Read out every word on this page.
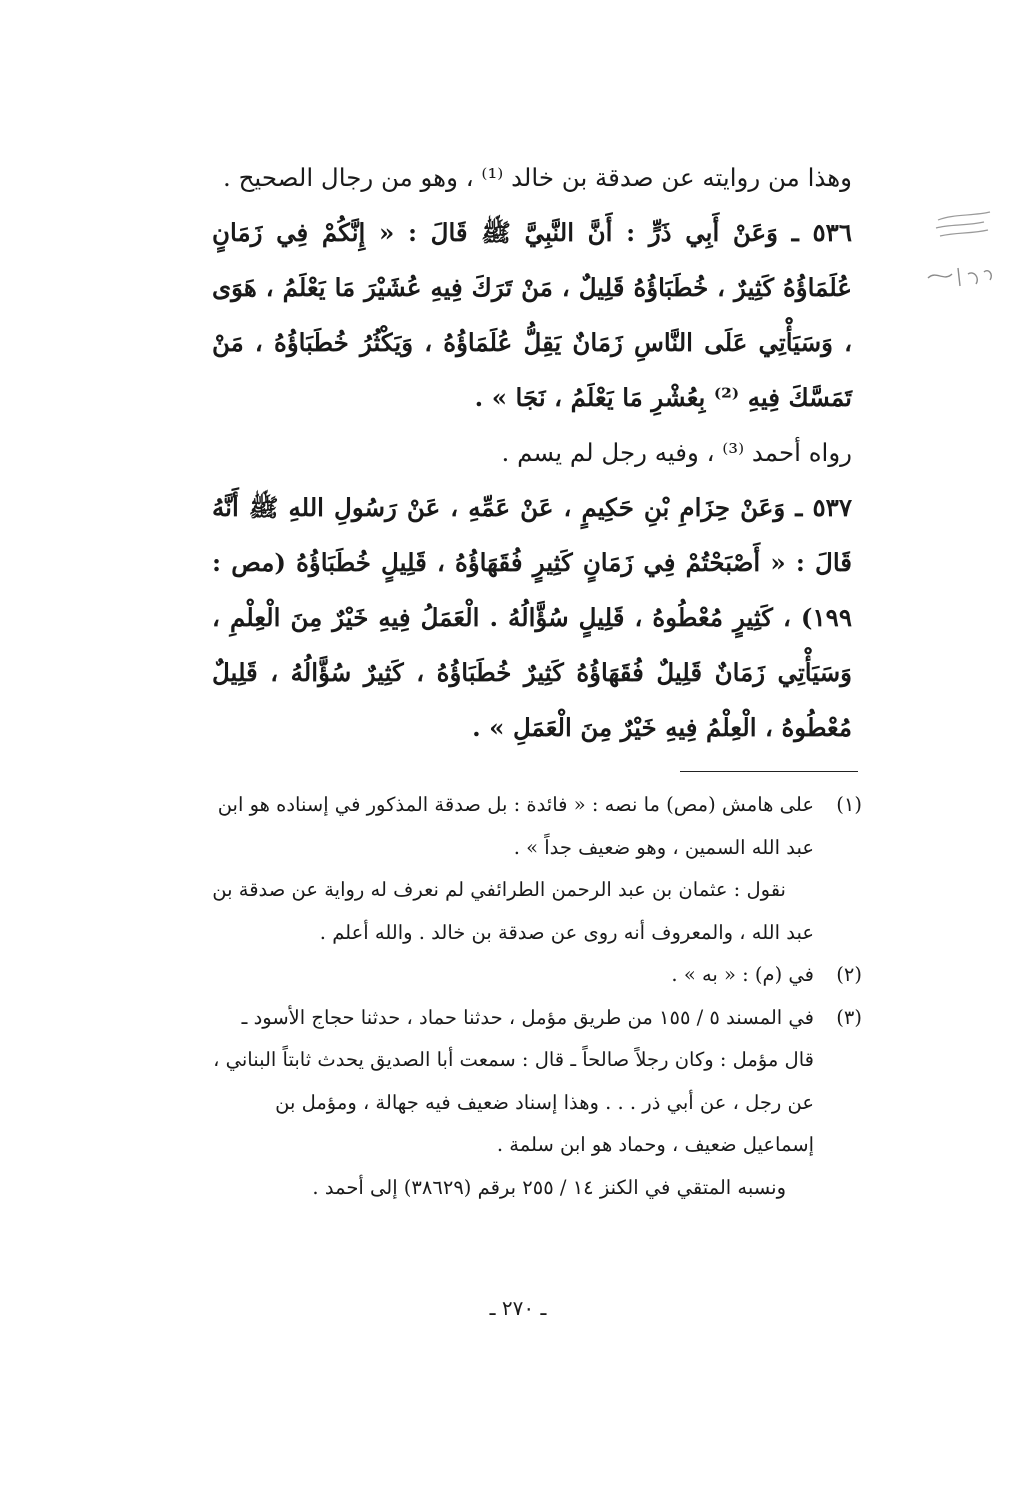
وهذا من روايته عن صدقة بن خالد ⁽¹⁾ ، وهو من رجال الصحيح .

٥٣٦ ـ وَعَنْ أَبِي ذَرٍّ : أَنَّ النَّبِيَّ ﷺ قَالَ : « إِنَّكُمْ فِي زَمَانٍ عُلَمَاؤُهُ كَثِيرٌ ، خُطَبَاؤُهُ قَلِيلٌ ، مَنْ تَرَكَ فِيهِ عُشَيْرَ مَا يَعْلَمُ ، هَوَى ، وَسَيَأْتِي عَلَى النَّاسِ زَمَانٌ يَقِلُّ عُلَمَاؤُهُ ، وَيَكْثُرُ خُطَبَاؤُهُ ، مَنْ تَمَسَّكَ فِيهِ ⁽²⁾ بِعُشْرِ مَا يَعْلَمُ ، نَجَا » .

رواه أحمد ⁽³⁾ ، وفيه رجل لم يسم .

٥٣٧ ـ وَعَنْ حِزَامِ بْنِ حَكِيمٍ ، عَنْ عَمِّهِ ، عَنْ رَسُولِ اللهِ ﷺ أَنَّهُ قَالَ : « أَصْبَحْتُمْ فِي زَمَانٍ كَثِيرٍ فُقَهَاؤُهُ ، قَلِيلٍ خُطَبَاؤُهُ (مص : ١٩٩) ، كَثِيرٍ مُعْطُوهُ ، قَلِيلٍ سُؤَّالُهُ . الْعَمَلُ فِيهِ خَيْرٌ مِنَ الْعِلْمِ ، وَسَيَأْتِي زَمَانٌ قَلِيلٌ فُقَهَاؤُهُ كَثِيرٌ خُطَبَاؤُهُ ، كَثِيرٌ سُؤَّالُهُ ، قَلِيلٌ مُعْطُوهُ ، الْعِلْمُ فِيهِ خَيْرٌ مِنَ الْعَمَلِ » .

(١)

على هامش (مص) ما نصه : « فائدة : بل صدقة المذكور في إسناده هو ابن عبد الله السمين ، وهو ضعيف جداً » .

نقول : عثمان بن عبد الرحمن الطرائفي لم نعرف له رواية عن صدقة بن عبد الله ، والمعروف أنه روى عن صدقة بن خالد . والله أعلم .

(٢)

في (م) : « به » .

(٣)

في المسند ٥ / ١٥٥ من طريق مؤمل ، حدثنا حماد ، حدثنا حجاج الأسود ـ قال مؤمل : وكان رجلاً صالحاً ـ قال : سمعت أبا الصديق يحدث ثابتاً البناني ، عن رجل ، عن أبي ذر . . . وهذا إسناد ضعيف فيه جهالة ، ومؤمل بن إسماعيل ضعيف ، وحماد هو ابن سلمة .

ونسبه المتقي في الكنز ١٤ / ٢٥٥ برقم (٣٨٦٢٩) إلى أحمد .

ـ ٢٧٠ ـ
